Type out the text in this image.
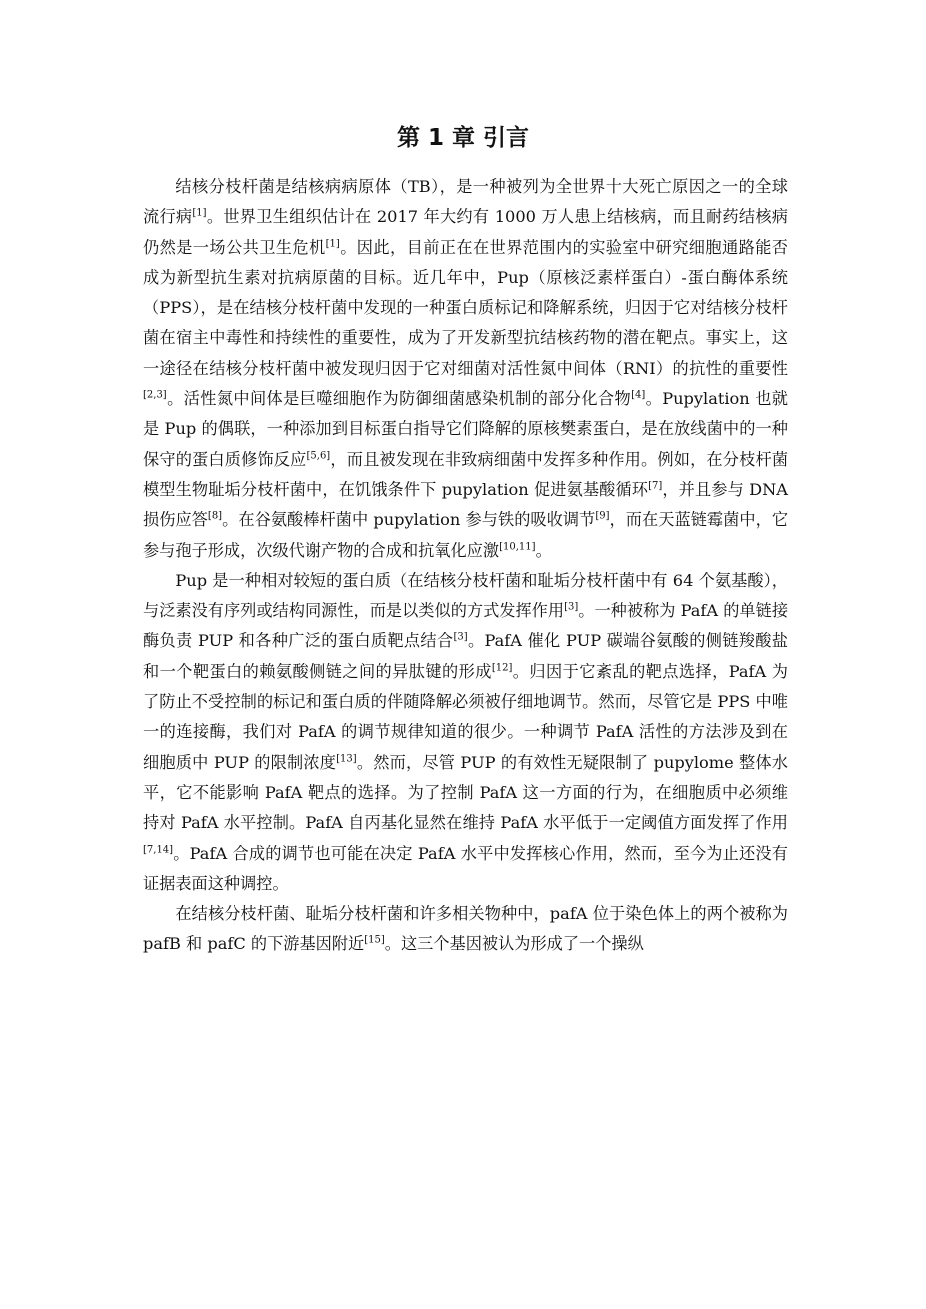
第 1 章 引言

结核分枝杆菌是结核病病原体（TB），是一种被列为全世界十大死亡原因之一的全球流行病[1]。世界卫生组织估计在 2017 年大约有 1000 万人患上结核病，而且耐药结核病仍然是一场公共卫生危机[1]。因此，目前正在在世界范围内的实验室中研究细胞通路能否成为新型抗生素对抗病原菌的目标。近几年中，Pup（原核泛素样蛋白）-蛋白酶体系统（PPS），是在结核分枝杆菌中发现的一种蛋白质标记和降解系统，归因于它对结核分枝杆菌在宿主中毒性和持续性的重要性，成为了开发新型抗结核药物的潜在靶点。事实上，这一途径在结核分枝杆菌中被发现归因于它对细菌对活性氮中间体（RNI）的抗性的重要性[2,3]。活性氮中间体是巨噬细胞作为防御细菌感染机制的部分化合物[4]。Pupylation 也就是 Pup 的偶联，一种添加到目标蛋白指导它们降解的原核樊素蛋白，是在放线菌中的一种保守的蛋白质修饰反应[5,6]，而且被发现在非致病细菌中发挥多种作用。例如，在分枝杆菌模型生物耻垢分枝杆菌中，在饥饿条件下 pupylation 促进氨基酸循环[7]，并且参与 DNA 损伤应答[8]。在谷氨酸棒杆菌中 pupylation 参与铁的吸收调节[9]，而在天蓝链霉菌中，它参与孢子形成，次级代谢产物的合成和抗氧化应激[10,11]。

Pup 是一种相对较短的蛋白质（在结核分枝杆菌和耻垢分枝杆菌中有 64 个氨基酸），与泛素没有序列或结构同源性，而是以类似的方式发挥作用[3]。一种被称为 PafA 的单链接酶负责 PUP 和各种广泛的蛋白质靶点结合[3]。PafA 催化 PUP 碳端谷氨酸的侧链羧酸盐和一个靶蛋白的赖氨酸侧链之间的异肽键的形成[12]。归因于它紊乱的靶点选择，PafA 为了防止不受控制的标记和蛋白质的伴随降解必须被仔细地调节。然而，尽管它是 PPS 中唯一的连接酶，我们对 PafA 的调节规律知道的很少。一种调节 PafA 活性的方法涉及到在细胞质中 PUP 的限制浓度[13]。然而，尽管 PUP 的有效性无疑限制了 pupylome 整体水平，它不能影响 PafA 靶点的选择。为了控制 PafA 这一方面的行为，在细胞质中必须维持对 PafA 水平控制。PafA 自丙基化显然在维持 PafA 水平低于一定阈值方面发挥了作用[7,14]。PafA 合成的调节也可能在决定 PafA 水平中发挥核心作用，然而，至今为止还没有证据表面这种调控。

在结核分枝杆菌、耻垢分枝杆菌和许多相关物种中，pafA 位于染色体上的两个被称为 pafB 和 pafC 的下游基因附近[15]。这三个基因被认为形成了一个操纵
